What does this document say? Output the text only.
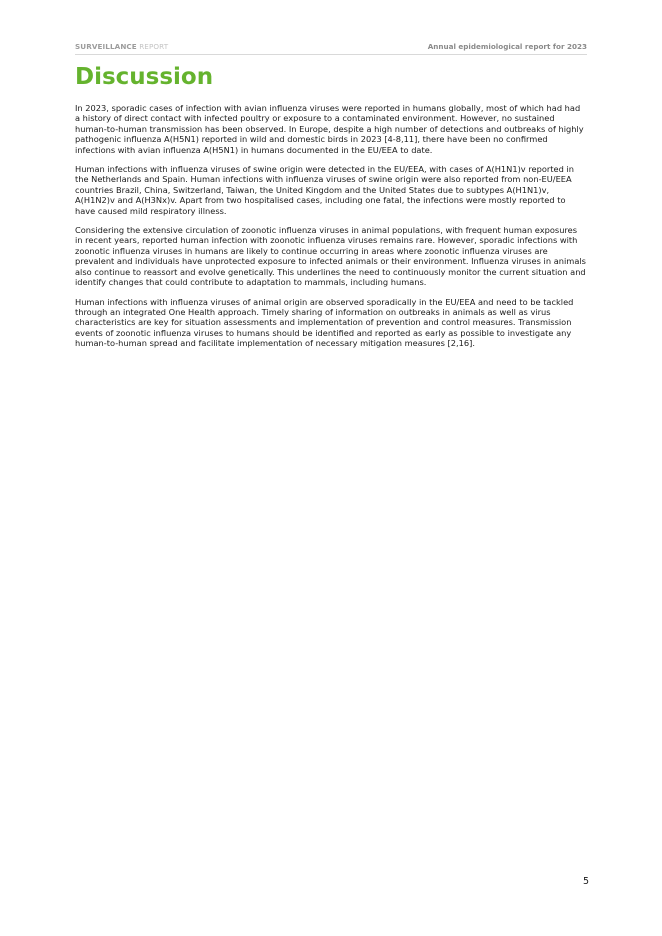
SURVEILLANCE REPORT	Annual epidemiological report for 2023
Discussion

In 2023, sporadic cases of infection with avian influenza viruses were reported in humans globally, most of which had had a history of direct contact with infected poultry or exposure to a contaminated environment. However, no sustained human-to-human transmission has been observed. In Europe, despite a high number of detections and outbreaks of highly pathogenic influenza A(H5N1) reported in wild and domestic birds in 2023 [4-8,11], there have been no confirmed infections with avian influenza A(H5N1) in humans documented in the EU/EEA to date.

Human infections with influenza viruses of swine origin were detected in the EU/EEA, with cases of A(H1N1)v reported in the Netherlands and Spain. Human infections with influenza viruses of swine origin were also reported from non-EU/EEA countries Brazil, China, Switzerland, Taiwan, the United Kingdom and the United States due to subtypes A(H1N1)v, A(H1N2)v and A(H3Nx)v. Apart from two hospitalised cases, including one fatal, the infections were mostly reported to have caused mild respiratory illness.

Considering the extensive circulation of zoonotic influenza viruses in animal populations, with frequent human exposures in recent years, reported human infection with zoonotic influenza viruses remains rare. However, sporadic infections with zoonotic influenza viruses in humans are likely to continue occurring in areas where zoonotic influenza viruses are prevalent and individuals have unprotected exposure to infected animals or their environment. Influenza viruses in animals also continue to reassort and evolve genetically. This underlines the need to continuously monitor the current situation and identify changes that could contribute to adaptation to mammals, including humans.

Human infections with influenza viruses of animal origin are observed sporadically in the EU/EEA and need to be tackled through an integrated One Health approach. Timely sharing of information on outbreaks in animals as well as virus characteristics are key for situation assessments and implementation of prevention and control measures. Transmission events of zoonotic influenza viruses to humans should be identified and reported as early as possible to investigate any human-to-human spread and facilitate implementation of necessary mitigation measures [2,16].

5
